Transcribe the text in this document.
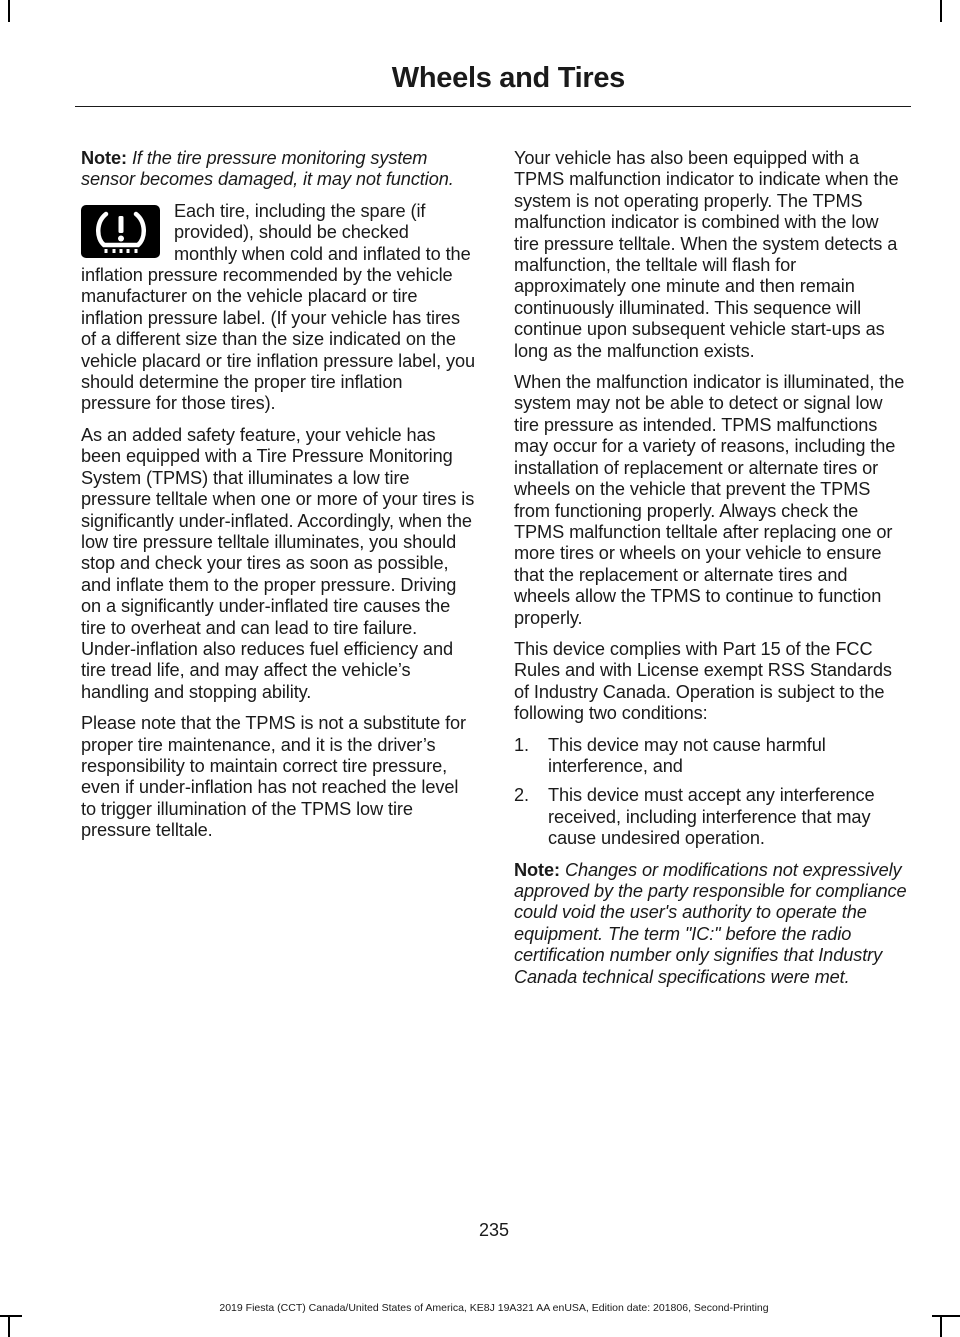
Wheels and Tires

Note: If the tire pressure monitoring system sensor becomes damaged, it may not function.

Each tire, including the spare (if provided), should be checked monthly when cold and inflated to the inflation pressure recommended by the vehicle manufacturer on the vehicle placard or tire inflation pressure label. (If your vehicle has tires of a different size than the size indicated on the vehicle placard or tire inflation pressure label, you should determine the proper tire inflation pressure for those tires).

As an added safety feature, your vehicle has been equipped with a Tire Pressure Monitoring System (TPMS) that illuminates a low tire pressure telltale when one or more of your tires is significantly under-inflated. Accordingly, when the low tire pressure telltale illuminates, you should stop and check your tires as soon as possible, and inflate them to the proper pressure. Driving on a significantly under-inflated tire causes the tire to overheat and can lead to tire failure. Under-inflation also reduces fuel efficiency and tire tread life, and may affect the vehicle’s handling and stopping ability.

Please note that the TPMS is not a substitute for proper tire maintenance, and it is the driver’s responsibility to maintain correct tire pressure, even if under-inflation has not reached the level to trigger illumination of the TPMS low tire pressure telltale.

Your vehicle has also been equipped with a TPMS malfunction indicator to indicate when the system is not operating properly. The TPMS malfunction indicator is combined with the low tire pressure telltale. When the system detects a malfunction, the telltale will flash for approximately one minute and then remain continuously illuminated. This sequence will continue upon subsequent vehicle start-ups as long as the malfunction exists.

When the malfunction indicator is illuminated, the system may not be able to detect or signal low tire pressure as intended. TPMS malfunctions may occur for a variety of reasons, including the installation of replacement or alternate tires or wheels on the vehicle that prevent the TPMS from functioning properly. Always check the TPMS malfunction telltale after replacing one or more tires or wheels on your vehicle to ensure that the replacement or alternate tires and wheels allow the TPMS to continue to function properly.

This device complies with Part 15 of the FCC Rules and with License exempt RSS Standards of Industry Canada. Operation is subject to the following two conditions:

1. This device may not cause harmful interference, and
2. This device must accept any interference received, including interference that may cause undesired operation.

Note: Changes or modifications not expressively approved by the party responsible for compliance could void the user's authority to operate the equipment. The term "IC:" before the radio certification number only signifies that Industry Canada technical specifications were met.

235
2019 Fiesta (CCT) Canada/United States of America, KE8J 19A321 AA enUSA, Edition date: 201806, Second-Printing
